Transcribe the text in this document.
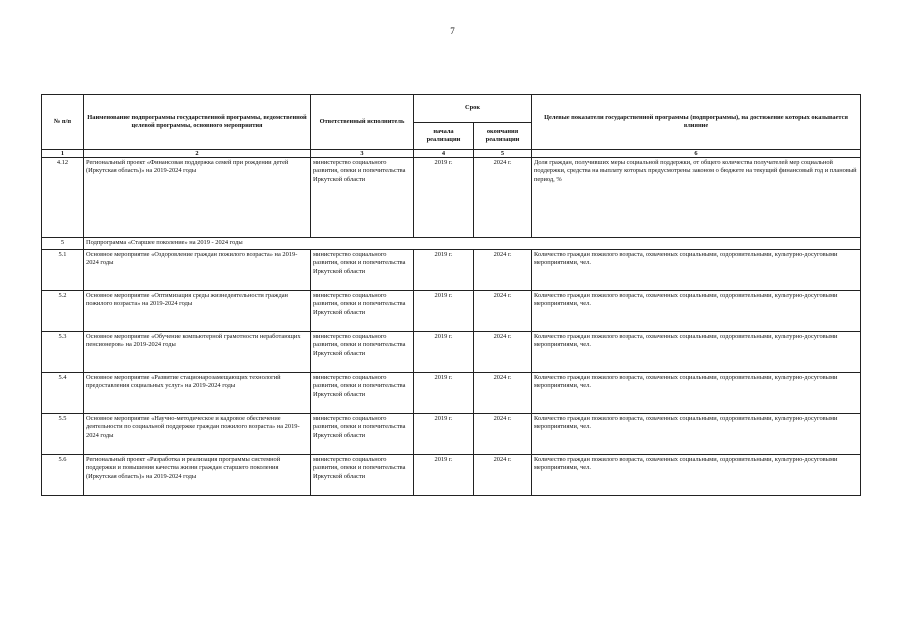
7
№ п/п	Наименование подпрограммы государственной программы, ведомственной целевой программы, основного мероприятия	Ответственный исполнитель	Срок		Целевые показатели государственной программы (подпрограммы), на достижение которых оказывается влияние
			начала реализации	окончания реализации	
1	2	3	4	5	6
4.12	Региональный проект «Финансовая поддержка семей при рождении детей (Иркутская область)» на 2019-2024 годы	министерство социального развития, опеки и попечительства Иркутской области	2019 г.	2024 г.	Доля граждан, получивших меры социальной поддержки, от общего количества получателей мер социальной поддержки, средства на выплату которых предусмотрены законом о бюджете на текущий финансовый год и плановый период, %
5	Подпрограмма «Старшее поколение» на 2019 - 2024 годы				
5.1	Основное мероприятие «Оздоровление граждан пожилого возраста» на 2019-2024 годы	министерство социального развития, опеки и попечительства Иркутской области	2019 г.	2024 г.	Количество граждан пожилого возраста, охваченных социальными, оздоровительными, культурно-досуговыми мероприятиями, чел.
5.2	Основное мероприятие «Оптимизация среды жизнедеятельности граждан пожилого возраста» на 2019-2024 годы	министерство социального развития, опеки и попечительства Иркутской области	2019 г.	2024 г.	Количество граждан пожилого возраста, охваченных социальными, оздоровительными, культурно-досуговыми мероприятиями, чел.
5.3	Основное мероприятие «Обучение компьютерной грамотности неработающих пенсионеров» на 2019-2024 годы	министерство социального развития, опеки и попечительства Иркутской области	2019 г.	2024 г.	Количество граждан пожилого возраста, охваченных социальными, оздоровительными, культурно-досуговыми мероприятиями, чел.
5.4	Основное мероприятие «Развитие стационарозамещающих технологий предоставления социальных услуг» на 2019-2024 годы	министерство социального развития, опеки и попечительства Иркутской области	2019 г.	2024 г.	Количество граждан пожилого возраста, охваченных социальными, оздоровительными, культурно-досуговыми мероприятиями, чел.
5.5	Основное мероприятие «Научно-методическое и кадровое обеспечение деятельности по социальной поддержке граждан пожилого возраста» на 2019-2024 годы	министерство социального развития, опеки и попечительства Иркутской области	2019 г.	2024 г.	Количество граждан пожилого возраста, охваченных социальными, оздоровительными, культурно-досуговыми мероприятиями, чел.
5.6	Региональный проект «Разработка и реализация программы системной поддержки и повышения качества жизни граждан старшего поколения (Иркутская область)» на 2019-2024 годы	министерство социального развития, опеки и попечительства Иркутской области	2019 г.	2024 г.	Количество граждан пожилого возраста, охваченных социальными, оздоровительными, культурно-досуговыми мероприятиями, чел.
